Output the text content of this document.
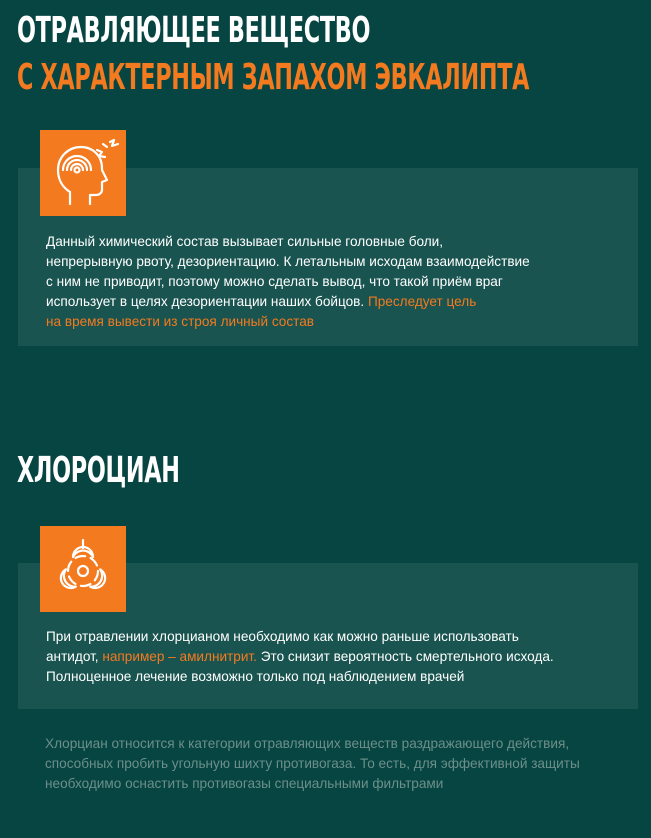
ОТРАВЛЯЮЩЕЕ ВЕЩЕСТВО
С ХАРАКТЕРНЫМ ЗАПАХОМ ЭВКАЛИПТА

Данный химический состав вызывает сильные головные боли,
непрерывную рвоту, дезориентацию. К летальным исходам взаимодействие
с ним не приводит, поэтому можно сделать вывод, что такой приём враг
использует в целях дезориентации наших бойцов. Преследует цель
на время вывести из строя личный состав

ХЛОРОЦИАН

При отравлении хлорцианом необходимо как можно раньше использовать
антидот, например – амилнитрит. Это снизит вероятность смертельного исхода.
Полноценное лечение возможно только под наблюдением врачей

Хлорциан относится к категории отравляющих веществ раздражающего действия,
способных пробить угольную шихту противогаза. То есть, для эффективной защиты
необходимо оснастить противогазы специальными фильтрами
